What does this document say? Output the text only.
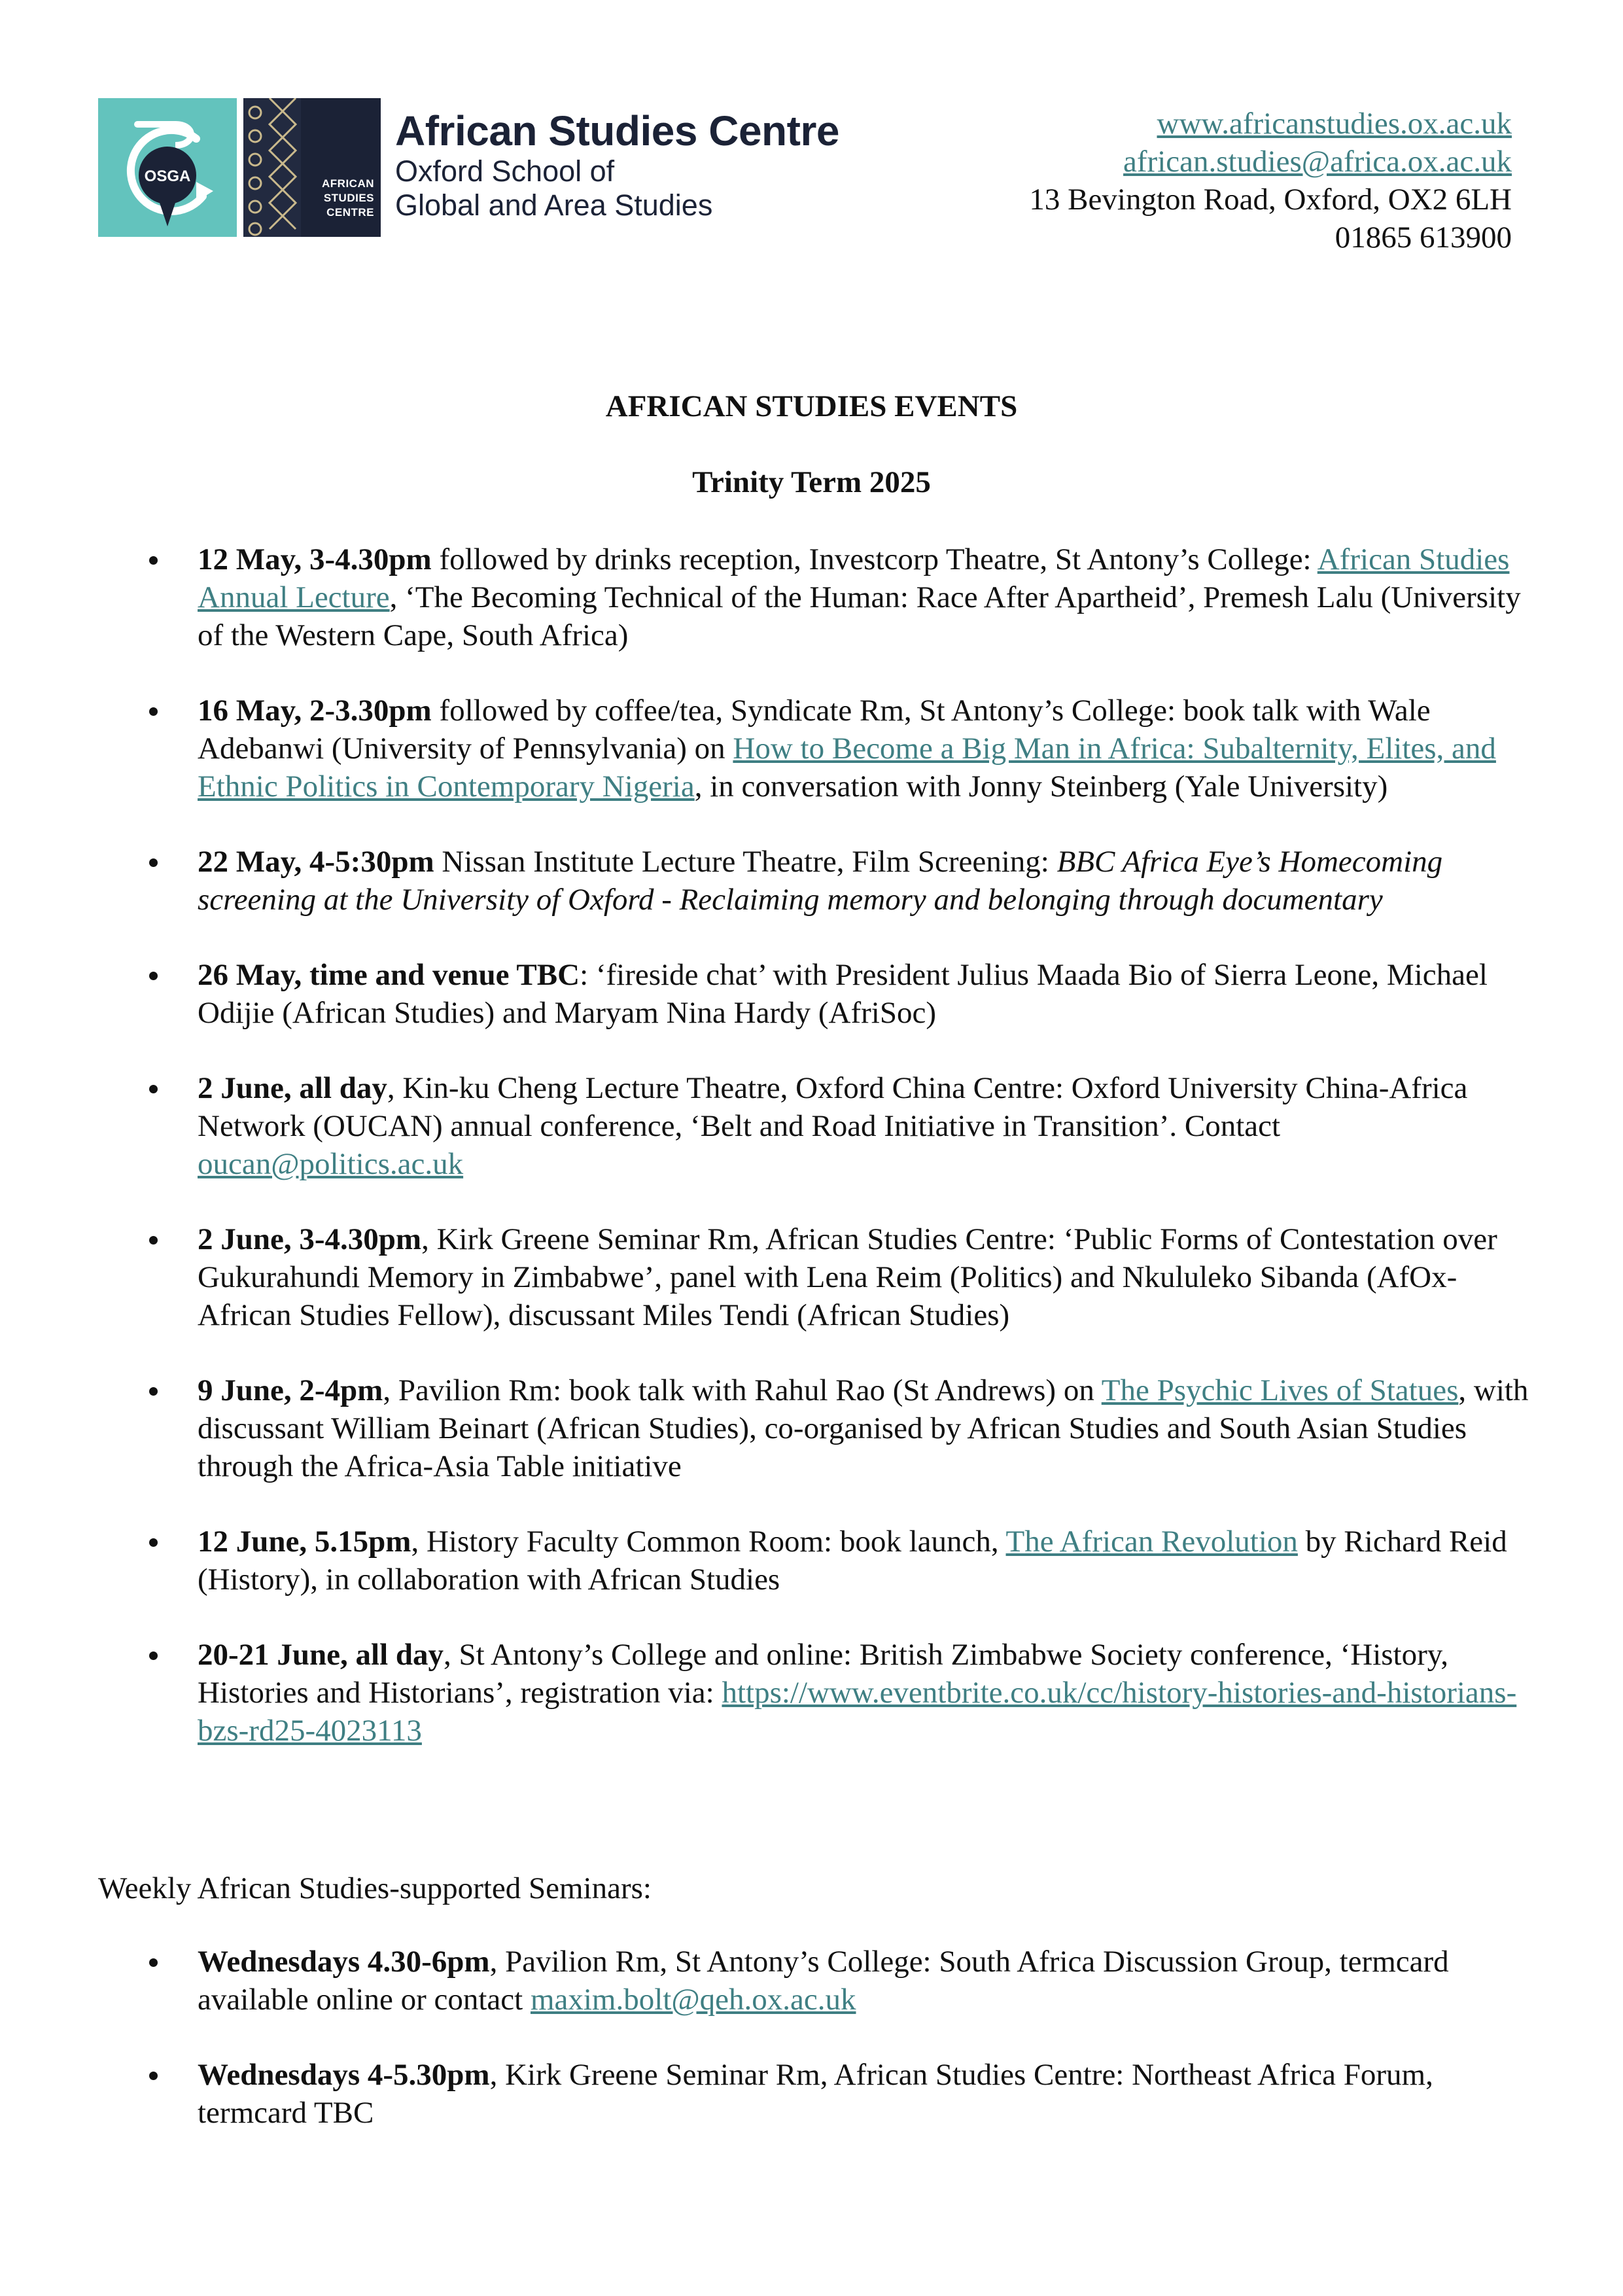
OSGA	AFRICAN
STUDIES
CENTRE
African Studies Centre
Oxford School of
Global and Area Studies
www.africanstudies.ox.ac.uk
african.studies@africa.ox.ac.uk
13 Bevington Road, Oxford, OX2 6LH
01865 613900
AFRICAN STUDIES EVENTS
Trinity Term 2025
12 May, 3-4.30pm followed by drinks reception, Investcorp Theatre, St Antony’s College: African Studies Annual Lecture, ‘The Becoming Technical of the Human: Race After Apartheid’, Premesh Lalu (University of the Western Cape, South Africa)
16 May, 2-3.30pm followed by coffee/tea, Syndicate Rm, St Antony’s College: book talk with Wale Adebanwi (University of Pennsylvania) on How to Become a Big Man in Africa: Subalternity, Elites, and Ethnic Politics in Contemporary Nigeria, in conversation with Jonny Steinberg (Yale University)
22 May, 4-5:30pm Nissan Institute Lecture Theatre, Film Screening: BBC Africa Eye’s Homecoming screening at the University of Oxford - Reclaiming memory and belonging through documentary
26 May, time and venue TBC: ‘fireside chat’ with President Julius Maada Bio of Sierra Leone, Michael Odijie (African Studies) and Maryam Nina Hardy (AfriSoc)
2 June, all day, Kin-ku Cheng Lecture Theatre, Oxford China Centre: Oxford University China-Africa Network (OUCAN) annual conference, ‘Belt and Road Initiative in Transition’. Contact oucan@politics.ac.uk
2 June, 3-4.30pm, Kirk Greene Seminar Rm, African Studies Centre: ‘Public Forms of Contestation over Gukurahundi Memory in Zimbabwe’, panel with Lena Reim (Politics) and Nkululeko Sibanda (AfOx-African Studies Fellow), discussant Miles Tendi (African Studies)
9 June, 2-4pm, Pavilion Rm: book talk with Rahul Rao (St Andrews) on The Psychic Lives of Statues, with discussant William Beinart (African Studies), co-organised by African Studies and South Asian Studies through the Africa-Asia Table initiative
12 June, 5.15pm, History Faculty Common Room: book launch, The African Revolution by Richard Reid (History), in collaboration with African Studies
20-21 June, all day, St Antony’s College and online: British Zimbabwe Society conference, ‘History, Histories and Historians’, registration via: https://www.eventbrite.co.uk/cc/history-histories-and-historians-bzs-rd25-4023113
Weekly African Studies-supported Seminars:
Wednesdays 4.30-6pm, Pavilion Rm, St Antony’s College: South Africa Discussion Group, termcard available online or contact maxim.bolt@qeh.ox.ac.uk
Wednesdays 4-5.30pm, Kirk Greene Seminar Rm, African Studies Centre: Northeast Africa Forum, termcard TBC
